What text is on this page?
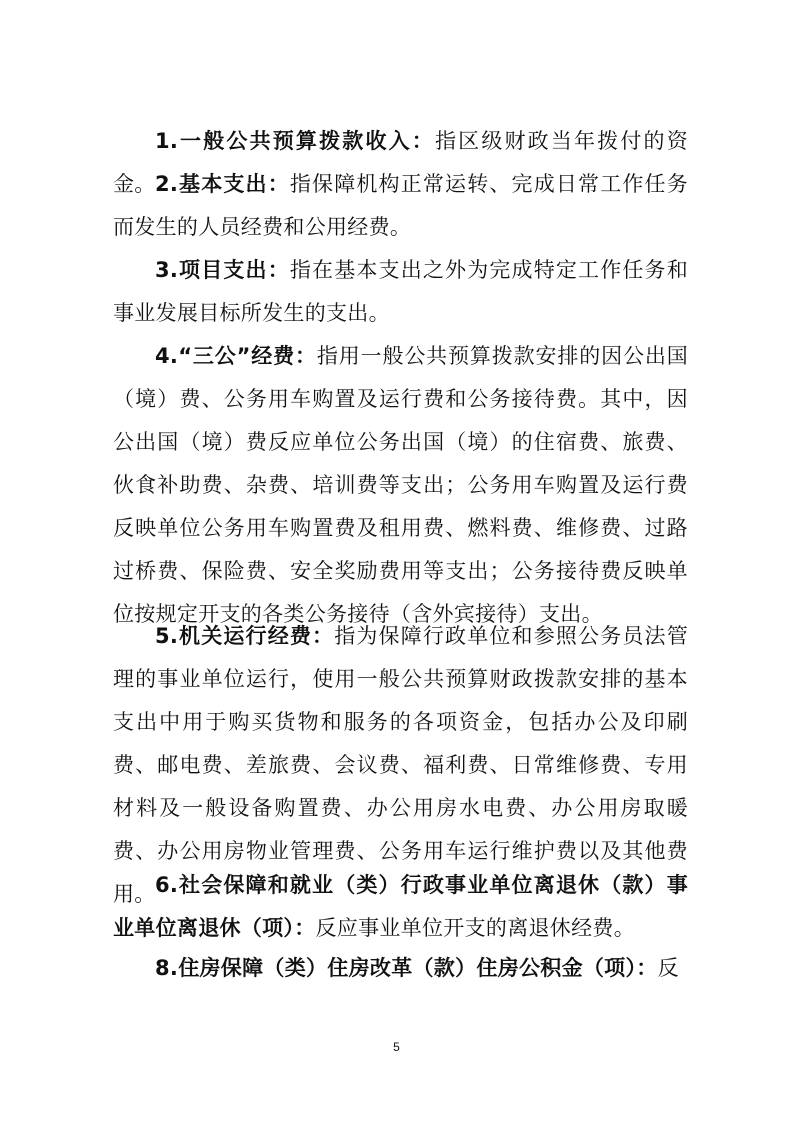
1.一般公共预算拨款收入：指区级财政当年拨付的资金。 2.基本支出：指保障机构正常运转、完成日常工作任务而发生的人员经费和公用经费。

3.项目支出：指在基本支出之外为完成特定工作任务和事业发展目标所发生的支出。

4.“三公”经费：指用一般公共预算拨款安排的因公出国（境）费、公务用车购置及运行费和公务接待费。其中，因公出国（境）费反应单位公务出国（境）的住宿费、旅费、伙食补助费、杂费、培训费等支出；公务用车购置及运行费反映单位公务用车购置费及租用费、燃料费、维修费、过路过桥费、保险费、安全奖励费用等支出；公务接待费反映单位按规定开支的各类公务接待（含外宾接待）支出。

5.机关运行经费：指为保障行政单位和参照公务员法管理的事业单位运行，使用一般公共预算财政拨款安排的基本支出中用于购买货物和服务的各项资金，包括办公及印刷费、邮电费、差旅费、会议费、福利费、日常维修费、专用材料及一般设备购置费、办公用房水电费、办公用房取暖费、办公用房物业管理费、公务用车运行维护费以及其他费用。 6.社会保障和就业（类）行政事业单位离退休（款）事业单位离退休（项）：反应事业单位开支的离退休经费。

8.住房保障（类）住房改革（款）住房公积金（项）：反

5
